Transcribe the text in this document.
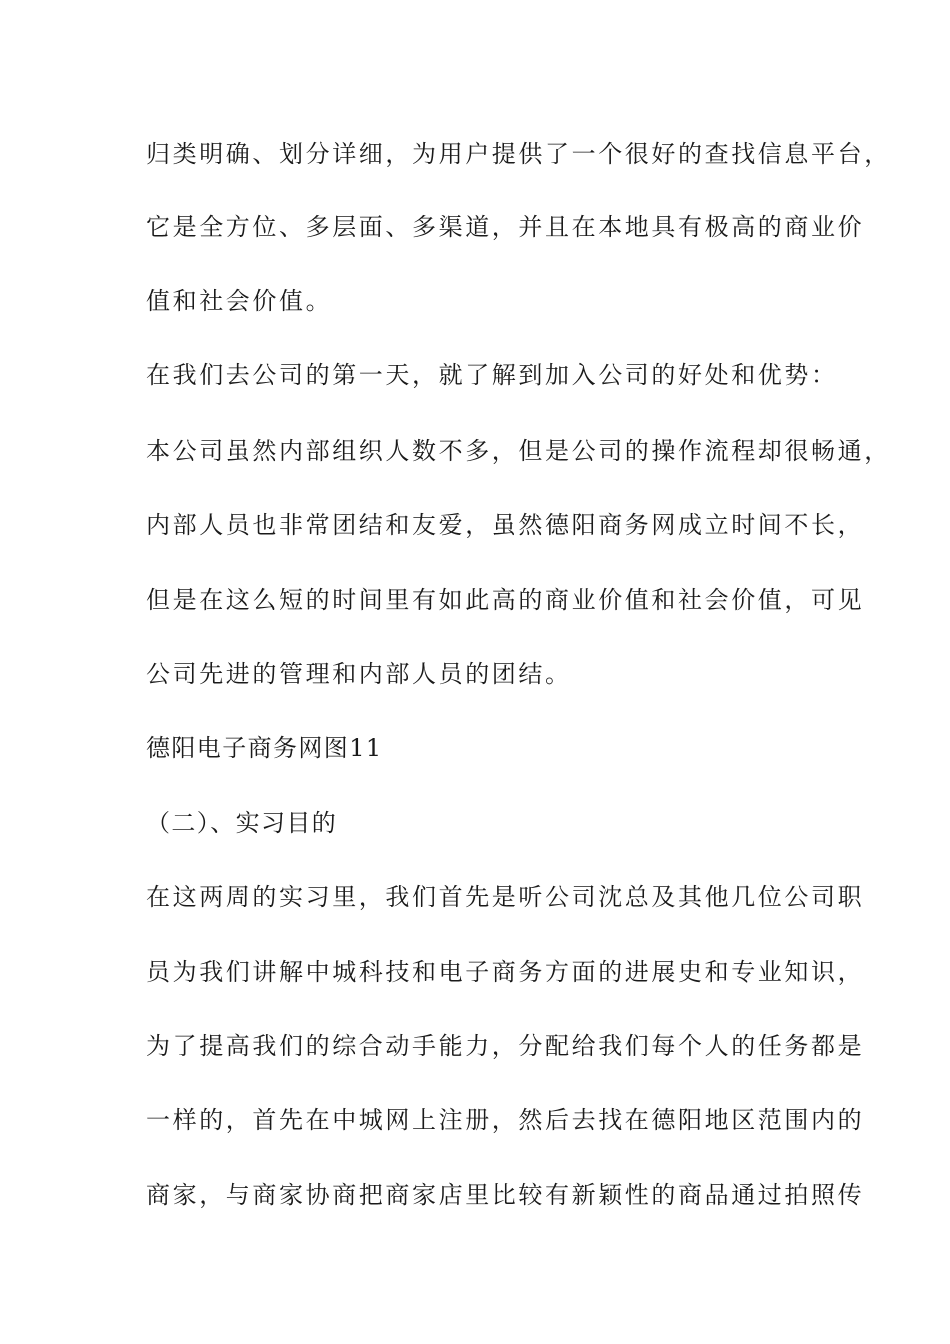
归类明确、划分详细，为用户提供了一个很好的查找信息平台，
它是全方位、多层面、多渠道，并且在本地具有极高的商业价
值和社会价值。
在我们去公司的第一天，就了解到加入公司的好处和优势：
本公司虽然内部组织人数不多，但是公司的操作流程却很畅通，
内部人员也非常团结和友爱，虽然德阳商务网成立时间不长，
但是在这么短的时间里有如此高的商业价值和社会价值，可见
公司先进的管理和内部人员的团结。
德阳电子商务网图11
（二）、实习目的
在这两周的实习里，我们首先是听公司沈总及其他几位公司职
员为我们讲解中城科技和电子商务方面的进展史和专业知识，
为了提高我们的综合动手能力，分配给我们每个人的任务都是
一样的，首先在中城网上注册，然后去找在德阳地区范围内的
商家，与商家协商把商家店里比较有新颖性的商品通过拍照传
